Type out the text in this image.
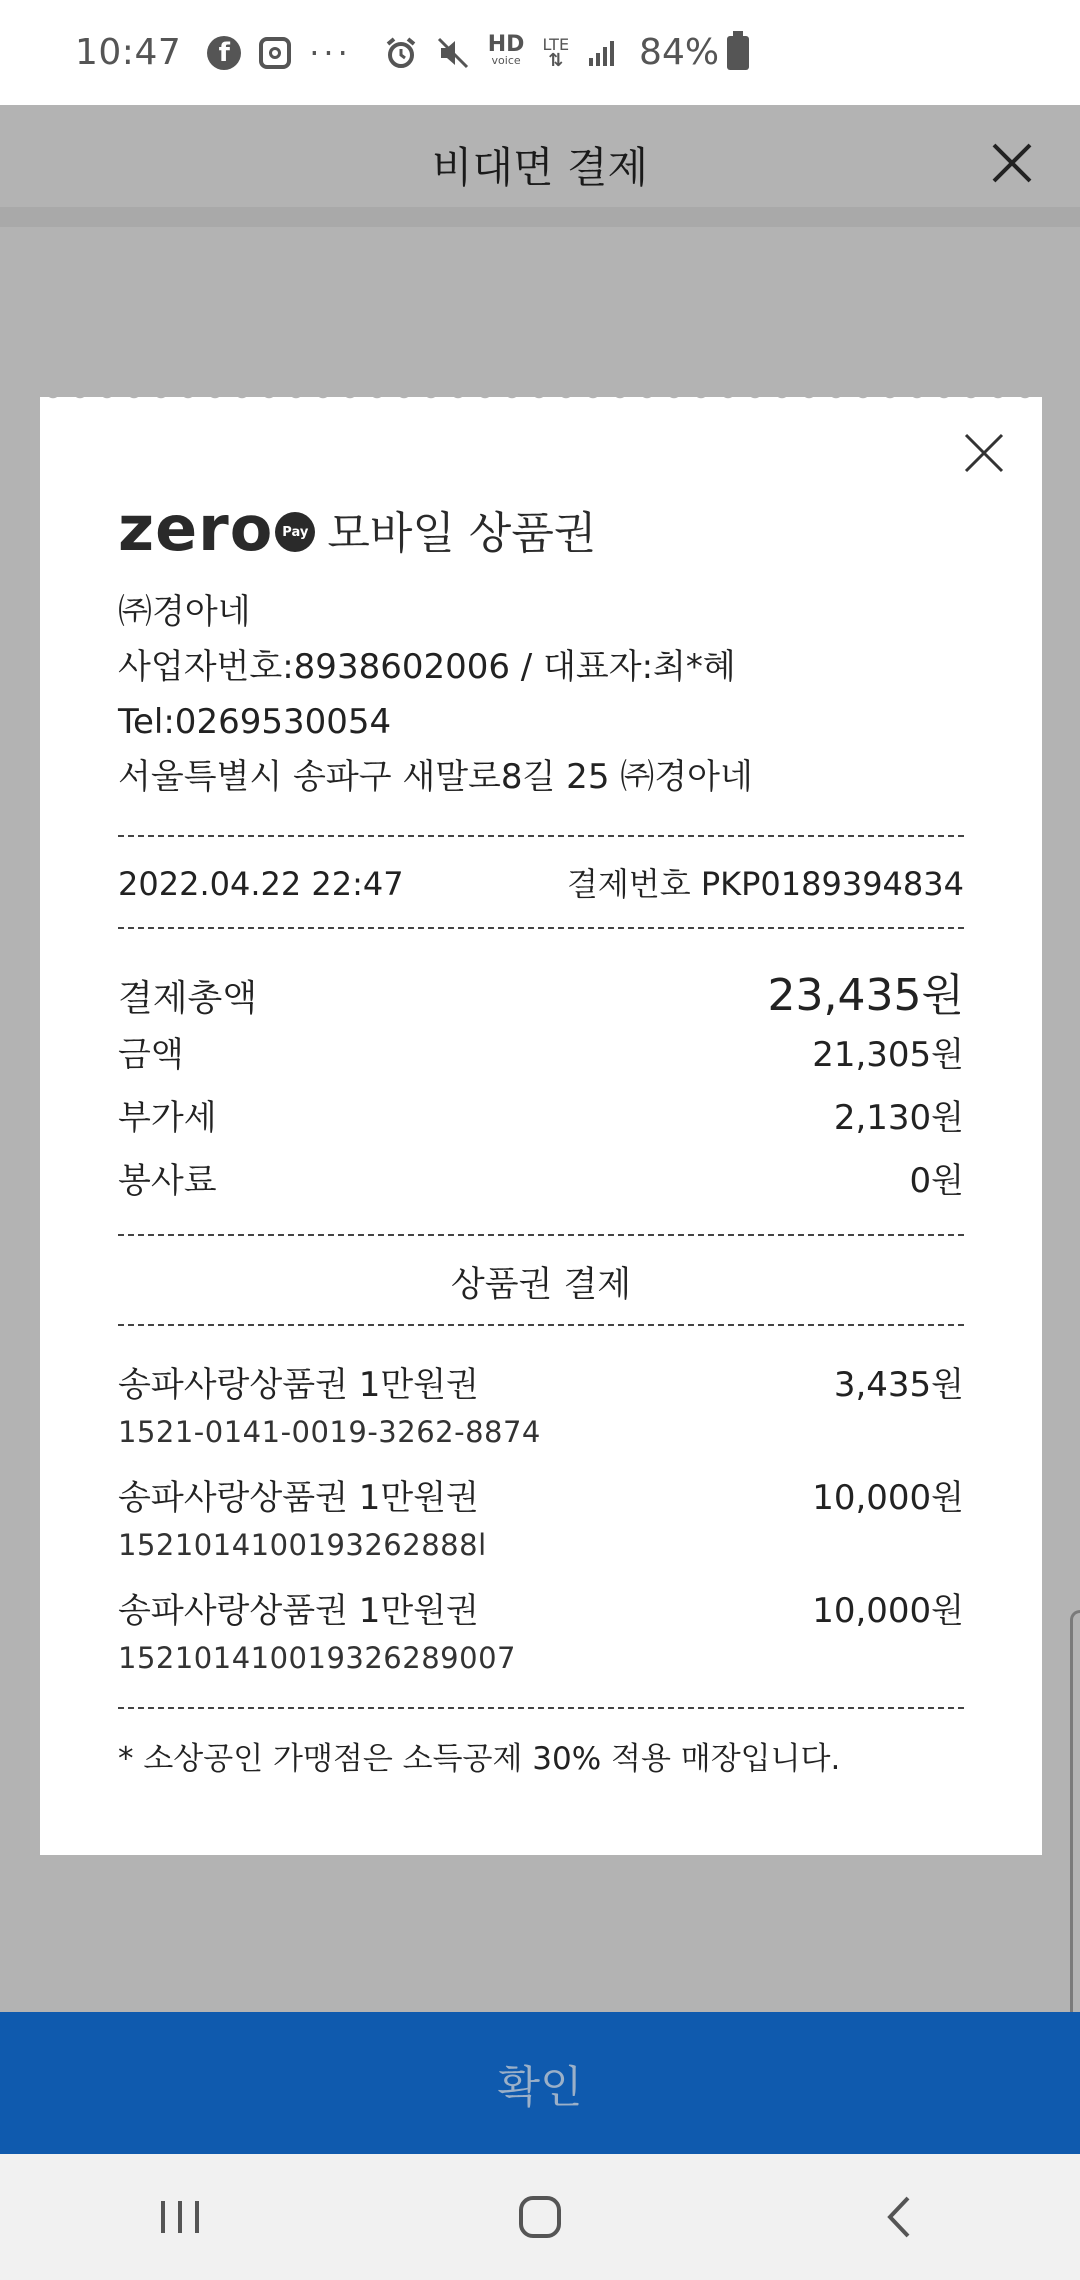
10:47	f	···	HD
voice
LTE
⇅ 84%
비대면 결제
zero Pay 모바일 상품권
㈜경아네
사업자번호:8938602006 / 대표자:최*혜
Tel:0269530054
서울특별시 송파구 새말로8길 25 ㈜경아네
2022.04.22 22:47	결제번호 PKP0189394834
결제총액	23,435원
금액	21,305원
부가세	2,130원
봉사료	0원
상품권 결제
송파사랑상품권 1만원권	3,435원
1521-0141-0019-3262-8874
송파사랑상품권 1만원권	10,000원
1521014100193262888l
송파사랑상품권 1만원권	10,000원
152101410019326289007
* 소상공인 가맹점은 소득공제 30% 적용 매장입니다.
확인
